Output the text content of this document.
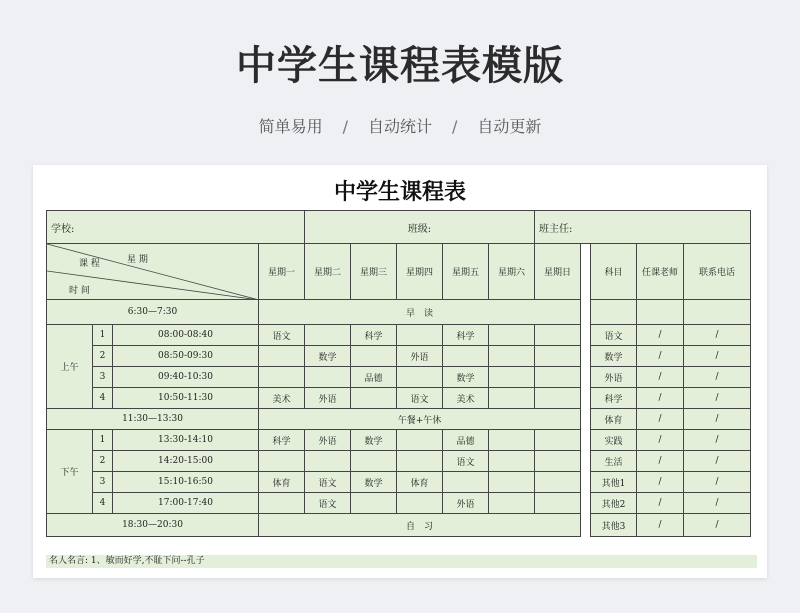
中学生课程表模版
简单易用 / 自动统计 / 自动更新
中学生课程表
学校:				班级:					班主任:				

课 程 星 期
时 间			星期一	星期二	星期三	星期四	星期五	星期六	星期日		科目	任课老师	联系电话
6:30—7:30			早　读										
上午	1	08:00-08:40	语文		科学		科学				语文	/	/
	2	08:50-09:30		数学		外语					数学	/	/
	3	09:40-10:30			品德		数学				外语	/	/
	4	10:50-11:30	美术	外语		语文	美术				科学	/	/
11:30—13:30			午餐+午休								体育	/	/
下午	1	13:30-14:10	科学	外语	数学		品德				实践	/	/
	2	14:20-15:00					语文				生活	/	/
	3	15:10-16:50	体育	语文	数学	体育					其他1	/	/
	4	17:00-17:40		语文			外语				其他2	/	/
18:30—20:30			自　习								其他3	/	/
名人名言: 1、敏而好学,不耻下问--孔子
